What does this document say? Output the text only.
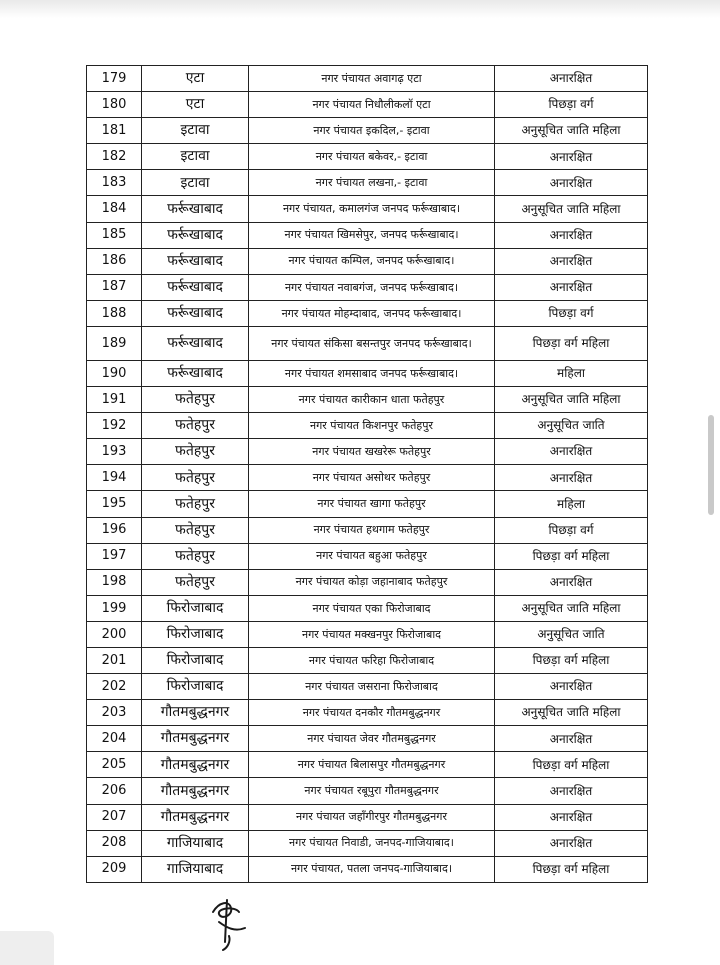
179	एटा	नगर पंचायत अवागढ़ एटा	अनारक्षित
180	एटा	नगर पंचायत निधौलीकलॉ एटा	पिछड़ा वर्ग
181	इटावा	नगर पंचायत इकदिल,- इटावा	अनुसूचित जाति महिला
182	इटावा	नगर पंचायत बकेवर,- इटावा	अनारक्षित
183	इटावा	नगर पंचायत लखना,- इटावा	अनारक्षित
184	फर्रूखाबाद	नगर पंचायत, कमालगंज जनपद फर्रूखाबाद।	अनुसूचित जाति महिला
185	फर्रूखाबाद	नगर पंचायत खिमसेपुर, जनपद फर्रूखाबाद।	अनारक्षित
186	फर्रूखाबाद	नगर पंचायत कम्पिल, जनपद फर्रूखाबाद।	अनारक्षित
187	फर्रूखाबाद	नगर पंचायत नवाबगंज, जनपद फर्रूखाबाद।	अनारक्षित
188	फर्रूखाबाद	नगर पंचायत मोहम्दाबाद, जनपद फर्रूखाबाद।	पिछड़ा वर्ग
189	फर्रूखाबाद	नगर पंचायत संकिसा बसन्तपुर जनपद फर्रूखाबाद।	पिछड़ा वर्ग महिला
190	फर्रूखाबाद	नगर पंचायत शमसाबाद जनपद फर्रूखाबाद।	महिला
191	फतेहपुर	नगर पंचायत कारीकान धाता फतेहपुर	अनुसूचित जाति महिला
192	फतेहपुर	नगर पंचायत किशनपुर फतेहपुर	अनुसूचित जाति
193	फतेहपुर	नगर पंचायत खखरेरू फतेहपुर	अनारक्षित
194	फतेहपुर	नगर पंचायत असोथर फतेहपुर	अनारक्षित
195	फतेहपुर	नगर पंचायत खागा फतेहपुर	महिला
196	फतेहपुर	नगर पंचायत हथगाम फतेहपुर	पिछड़ा वर्ग
197	फतेहपुर	नगर पंचायत बहुआ फतेहपुर	पिछड़ा वर्ग महिला
198	फतेहपुर	नगर पंचायत कोड़ा जहानाबाद फतेहपुर	अनारक्षित
199	फिरोजाबाद	नगर पंचायत एका फिरोजाबाद	अनुसूचित जाति महिला
200	फिरोजाबाद	नगर पंचायत मक्खनपुर फिरोजाबाद	अनुसूचित जाति
201	फिरोजाबाद	नगर पंचायत फरिहा फिरोजाबाद	पिछड़ा वर्ग महिला
202	फिरोजाबाद	नगर पंचायत जसराना फिरोजाबाद	अनारक्षित
203	गौतमबुद्धनगर	नगर पंचायत दनकौर गौतमबुद्धनगर	अनुसूचित जाति महिला
204	गौतमबुद्धनगर	नगर पंचायत जेवर गौतमबुद्धनगर	अनारक्षित
205	गौतमबुद्धनगर	नगर पंचायत बिलासपुर गौतमबुद्धनगर	पिछड़ा वर्ग महिला
206	गौतमबुद्धनगर	नगर पंचायत रबूपुरा गौतमबुद्धनगर	अनारक्षित
207	गौतमबुद्धनगर	नगर पंचायत जहाँगीरपुर गौतमबुद्धनगर	अनारक्षित
208	गाजियाबाद	नगर पंचायत निवाडी, जनपद-गाजियाबाद।	अनारक्षित
209	गाजियाबाद	नगर पंचायत, पतला जनपद-गाजियाबाद।	पिछड़ा वर्ग महिला
